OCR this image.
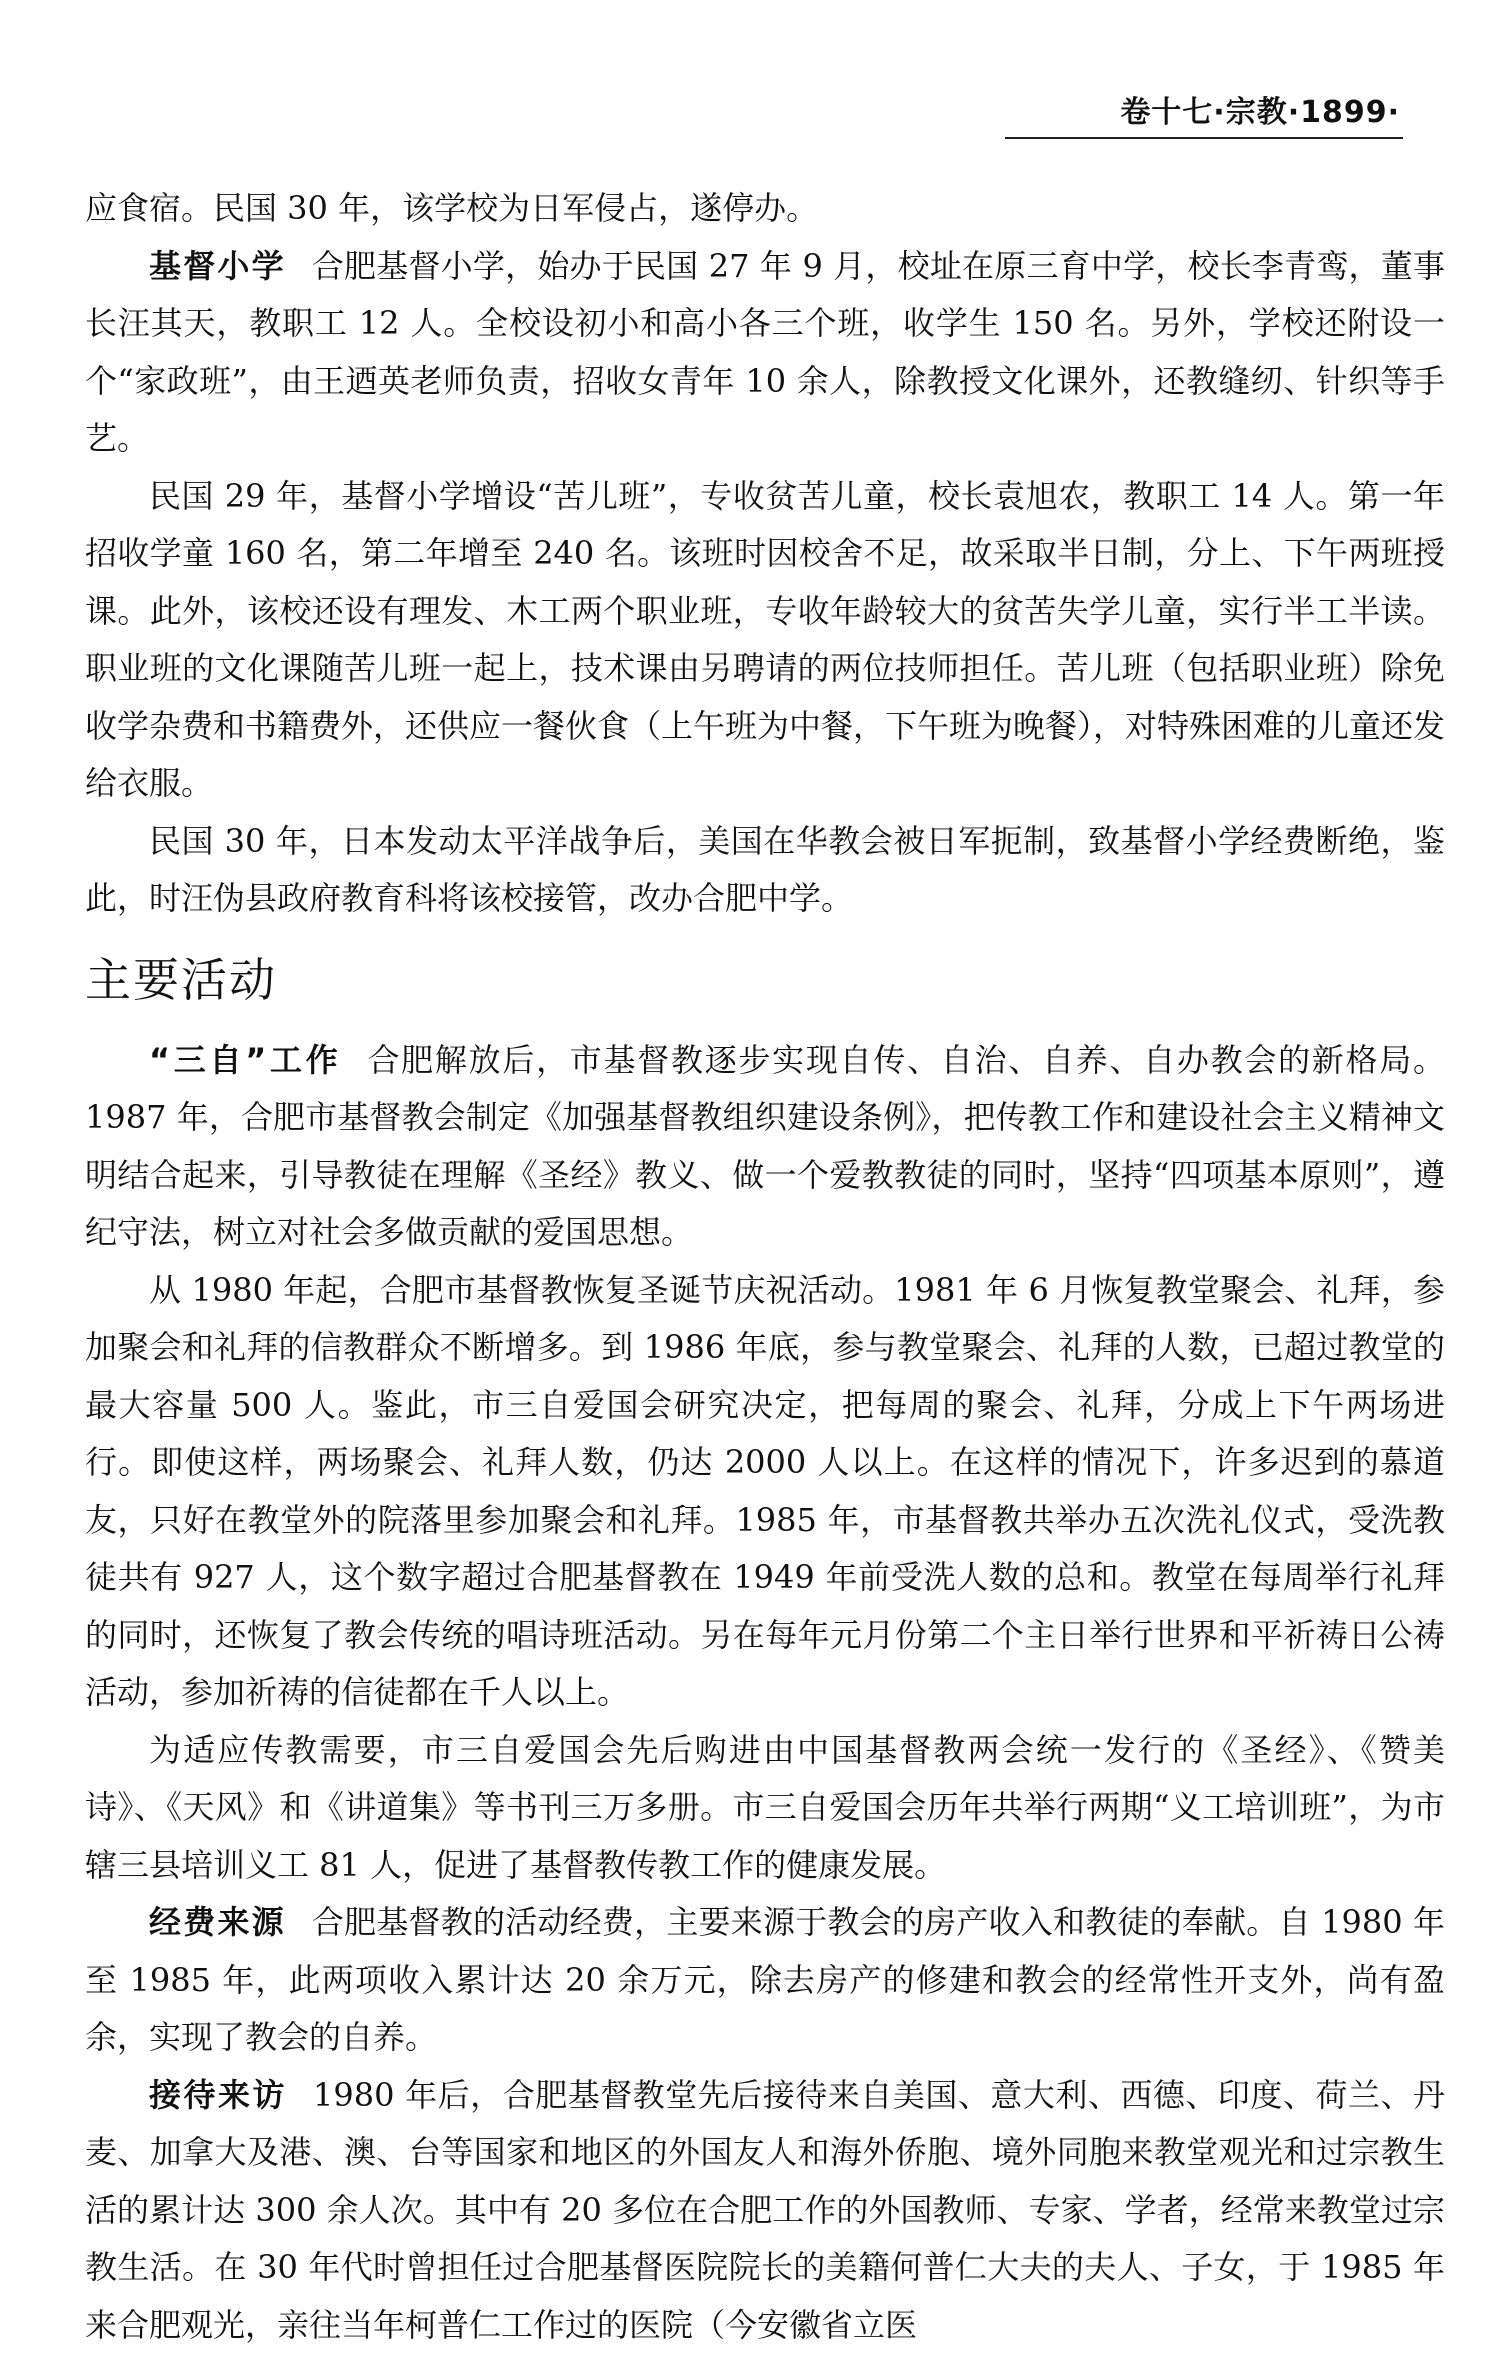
卷十七·宗教·1899·

应食宿。民国 30 年，该学校为日军侵占，遂停办。

基督小学 合肥基督小学，始办于民国 27 年 9 月，校址在原三育中学，校长李青鸾，董事长汪其天，教职工 12 人。全校设初小和高小各三个班，收学生 150 名。另外，学校还附设一个“家政班”，由王迺英老师负责，招收女青年 10 余人，除教授文化课外，还教缝纫、针织等手艺。

民国 29 年，基督小学增设“苦儿班”，专收贫苦儿童，校长袁旭农，教职工 14 人。第一年招收学童 160 名，第二年增至 240 名。该班时因校舍不足，故采取半日制，分上、下午两班授课。此外，该校还设有理发、木工两个职业班，专收年龄较大的贫苦失学儿童，实行半工半读。职业班的文化课随苦儿班一起上，技术课由另聘请的两位技师担任。苦儿班（包括职业班）除免收学杂费和书籍费外，还供应一餐伙食（上午班为中餐，下午班为晚餐），对特殊困难的儿童还发给衣服。

民国 30 年，日本发动太平洋战争后，美国在华教会被日军扼制，致基督小学经费断绝，鉴此，时汪伪县政府教育科将该校接管，改办合肥中学。

主要活动

“三自”工作 合肥解放后，市基督教逐步实现自传、自治、自养、自办教会的新格局。1987 年，合肥市基督教会制定《加强基督教组织建设条例》，把传教工作和建设社会主义精神文明结合起来，引导教徒在理解《圣经》教义、做一个爱教教徒的同时，坚持“四项基本原则”，遵纪守法，树立对社会多做贡献的爱国思想。

从 1980 年起，合肥市基督教恢复圣诞节庆祝活动。1981 年 6 月恢复教堂聚会、礼拜，参加聚会和礼拜的信教群众不断增多。到 1986 年底，参与教堂聚会、礼拜的人数，已超过教堂的最大容量 500 人。鉴此，市三自爱国会研究决定，把每周的聚会、礼拜，分成上下午两场进行。即使这样，两场聚会、礼拜人数，仍达 2000 人以上。在这样的情况下，许多迟到的慕道友，只好在教堂外的院落里参加聚会和礼拜。1985 年，市基督教共举办五次洗礼仪式，受洗教徒共有 927 人，这个数字超过合肥基督教在 1949 年前受洗人数的总和。教堂在每周举行礼拜的同时，还恢复了教会传统的唱诗班活动。另在每年元月份第二个主日举行世界和平祈祷日公祷活动，参加祈祷的信徒都在千人以上。

为适应传教需要，市三自爱国会先后购进由中国基督教两会统一发行的《圣经》、《赞美诗》、《天风》和《讲道集》等书刊三万多册。市三自爱国会历年共举行两期“义工培训班”，为市辖三县培训义工 81 人，促进了基督教传教工作的健康发展。

经费来源 合肥基督教的活动经费，主要来源于教会的房产收入和教徒的奉献。自 1980 年至 1985 年，此两项收入累计达 20 余万元，除去房产的修建和教会的经常性开支外，尚有盈余，实现了教会的自养。

接待来访 1980 年后，合肥基督教堂先后接待来自美国、意大利、西德、印度、荷兰、丹麦、加拿大及港、澳、台等国家和地区的外国友人和海外侨胞、境外同胞来教堂观光和过宗教生活的累计达 300 余人次。其中有 20 多位在合肥工作的外国教师、专家、学者，经常来教堂过宗教生活。在 30 年代时曾担任过合肥基督医院院长的美籍何普仁大夫的夫人、子女，于 1985 年来合肥观光，亲往当年柯普仁工作过的医院（今安徽省立医
